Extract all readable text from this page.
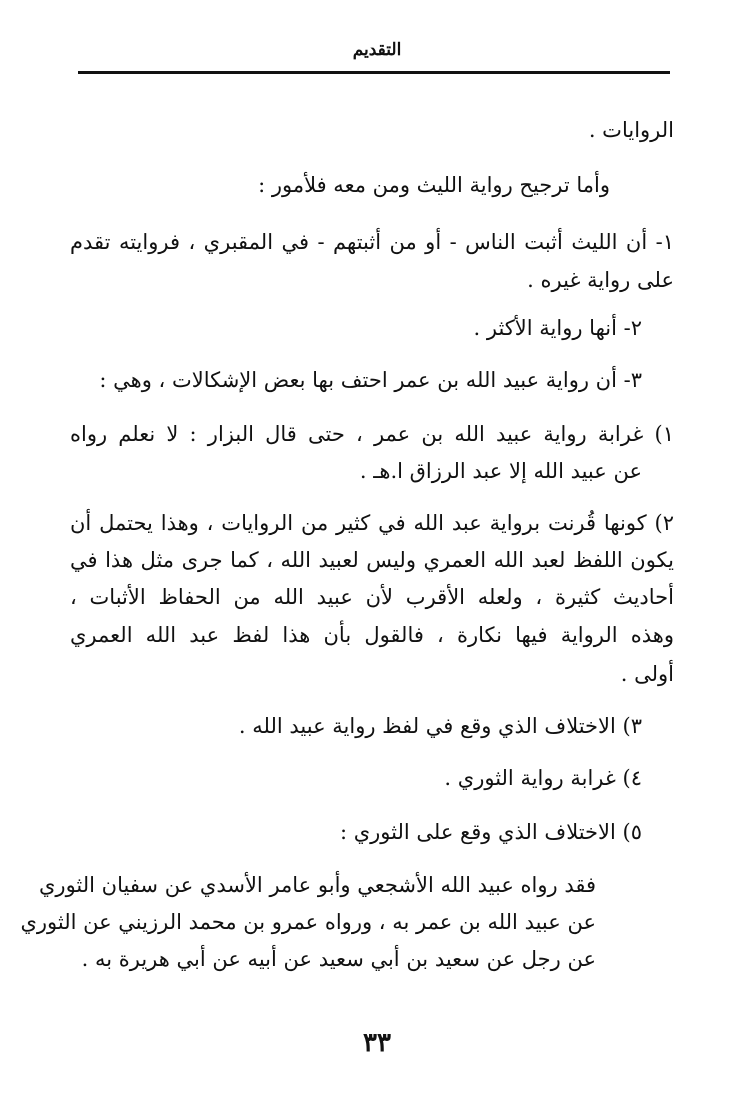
التقديم
الروايات .
وأما ترجيح رواية الليث ومن معه فلأمور :
١- أن الليث أثبت الناس - أو من أثبتهم - في المقبري ، فروايته تقدم
على رواية غيره .
٢- أنها رواية الأكثر .
٣- أن رواية عبيد الله بن عمر احتف بها بعض الإشكالات ، وهي :
١) غرابة رواية عبيد الله بن عمر ، حتى قال البزار : لا نعلم رواه
عن عبيد الله إلا عبد الرزاق ا.هـ .
٢) كونها قُرنت برواية عبد الله في كثير من الروايات ، وهذا يحتمل أن
يكون اللفظ لعبد الله العمري وليس لعبيد الله ، كما جرى مثل هذا في
أحاديث كثيرة ، ولعله الأقرب لأن عبيد الله من الحفاظ الأثبات ،
وهذه الرواية فيها نكارة ، فالقول بأن هذا لفظ عبد الله العمري
أولى .
٣) الاختلاف الذي وقع في لفظ رواية عبيد الله .
٤) غرابة رواية الثوري .
٥) الاختلاف الذي وقع على الثوري :
فقد رواه عبيد الله الأشجعي وأبو عامر الأسدي عن سفيان الثوري
عن عبيد الله بن عمر به ، ورواه عمرو بن محمد الرزيني عن الثوري
عن رجل عن سعيد بن أبي سعيد عن أبيه عن أبي هريرة به .
٣٣
